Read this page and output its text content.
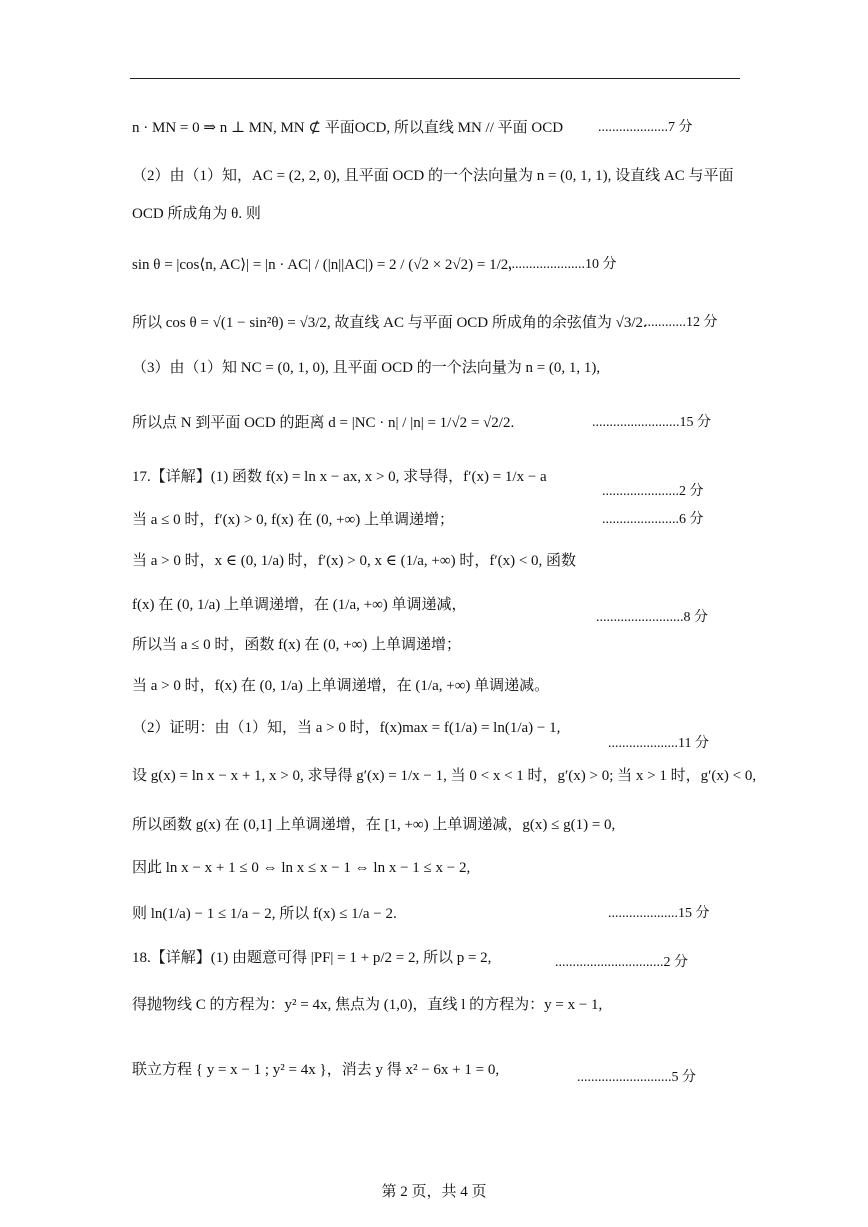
n · MN = 0 ⇒ n ⊥ MN, MN ⊄ 平面OCD, 所以直线 MN // 平面 OCD
（2）由（1）知，AC = (2, 2, 0), 且平面 OCD 的一个法向量为 n = (0, 1, 1), 设直线 AC 与平面
OCD 所成角为 θ. 则
sin θ = |cos⟨n, AC⟩| = |n · AC| / (|n||AC|) = 2 / (√2 × 2√2) = 1/2,
所以 cos θ = √(1 − sin²θ) = √3/2, 故直线 AC 与平面 OCD 所成角的余弦值为 √3/2.
（3）由（1）知 NC = (0, 1, 0), 且平面 OCD 的一个法向量为 n = (0, 1, 1),
所以点 N 到平面 OCD 的距离 d = |NC · n| / |n| = 1/√2 = √2/2.
17.【详解】(1) 函数 f(x) = ln x − ax, x > 0, 求导得，f′(x) = 1/x − a
当 a ≤ 0 时，f′(x) > 0, f(x) 在 (0, +∞) 上单调递增；
当 a > 0 时，x ∈ (0, 1/a) 时，f′(x) > 0, x ∈ (1/a, +∞) 时，f′(x) < 0, 函数
f(x) 在 (0, 1/a) 上单调递增，在 (1/a, +∞) 单调递减，
所以当 a ≤ 0 时，函数 f(x) 在 (0, +∞) 上单调递增；
当 a > 0 时，f(x) 在 (0, 1/a) 上单调递增，在 (1/a, +∞) 单调递减。
（2）证明：由（1）知，当 a > 0 时，f(x)max = f(1/a) = ln(1/a) − 1,
设 g(x) = ln x − x + 1, x > 0, 求导得 g′(x) = 1/x − 1, 当 0 < x < 1 时，g′(x) > 0; 当 x > 1 时，g′(x) < 0,
所以函数 g(x) 在 (0,1] 上单调递增，在 [1, +∞) 上单调递减，g(x) ≤ g(1) = 0,
因此 ln x − x + 1 ≤ 0 ⇔ ln x ≤ x − 1 ⇔ ln x − 1 ≤ x − 2,
则 ln(1/a) − 1 ≤ 1/a − 2, 所以 f(x) ≤ 1/a − 2.
18.【详解】(1) 由题意可得 |PF| = 1 + p/2 = 2, 所以 p = 2,
得抛物线 C 的方程为：y² = 4x, 焦点为 (1,0)，直线 l 的方程为：y = x − 1,
联立方程 { y = x − 1 ; y² = 4x }，消去 y 得 x² − 6x + 1 = 0,
....................7 分
......................10 分
............12 分
.........................15 分
......................2 分
......................6 分
.........................8 分
....................11 分
....................15 分
...............................2 分
...........................5 分
第 2 页，共 4 页
